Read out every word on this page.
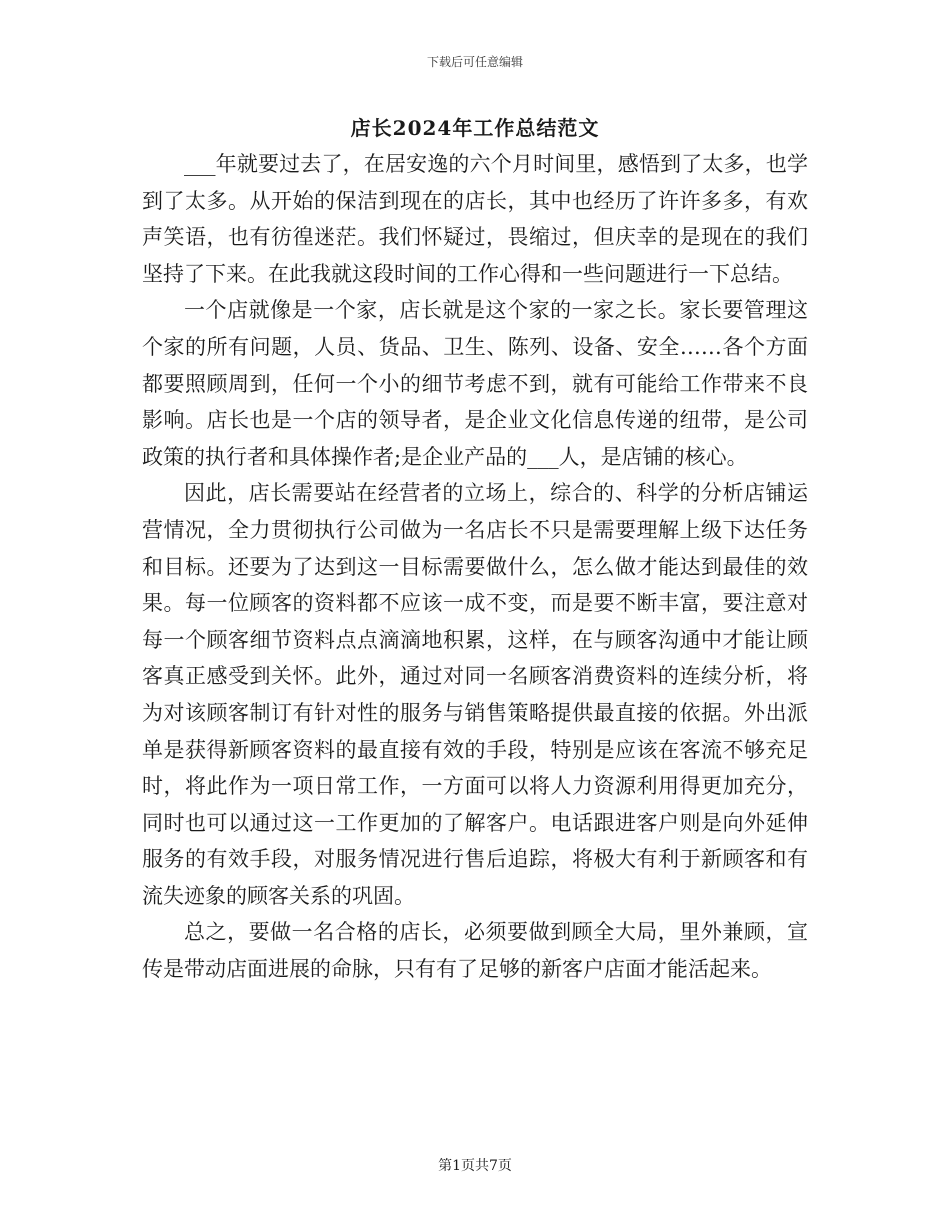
下载后可任意编辑
店长2024年工作总结范文

___年就要过去了，在居安逸的六个月时间里，感悟到了太多，也学到了太多。从开始的保洁到现在的店长，其中也经历了许许多多，有欢声笑语，也有彷徨迷茫。我们怀疑过，畏缩过，但庆幸的是现在的我们坚持了下来。在此我就这段时间的工作心得和一些问题进行一下总结。

一个店就像是一个家，店长就是这个家的一家之长。家长要管理这个家的所有问题，人员、货品、卫生、陈列、设备、安全……各个方面都要照顾周到，任何一个小的细节考虑不到，就有可能给工作带来不良影响。店长也是一个店的领导者，是企业文化信息传递的纽带，是公司政策的执行者和具体操作者;是企业产品的___人，是店铺的核心。

因此，店长需要站在经营者的立场上，综合的、科学的分析店铺运营情况，全力贯彻执行公司做为一名店长不只是需要理解上级下达任务和目标。还要为了达到这一目标需要做什么，怎么做才能达到最佳的效果。每一位顾客的资料都不应该一成不变，而是要不断丰富，要注意对每一个顾客细节资料点点滴滴地积累，这样，在与顾客沟通中才能让顾客真正感受到关怀。此外，通过对同一名顾客消费资料的连续分析，将为对该顾客制订有针对性的服务与销售策略提供最直接的依据。外出派单是获得新顾客资料的最直接有效的手段，特别是应该在客流不够充足时，将此作为一项日常工作，一方面可以将人力资源利用得更加充分，同时也可以通过这一工作更加的了解客户。电话跟进客户则是向外延伸服务的有效手段，对服务情况进行售后追踪，将极大有利于新顾客和有流失迹象的顾客关系的巩固。

总之，要做一名合格的店长，必须要做到顾全大局，里外兼顾，宣传是带动店面进展的命脉，只有有了足够的新客户店面才能活起来。

第1页共7页
